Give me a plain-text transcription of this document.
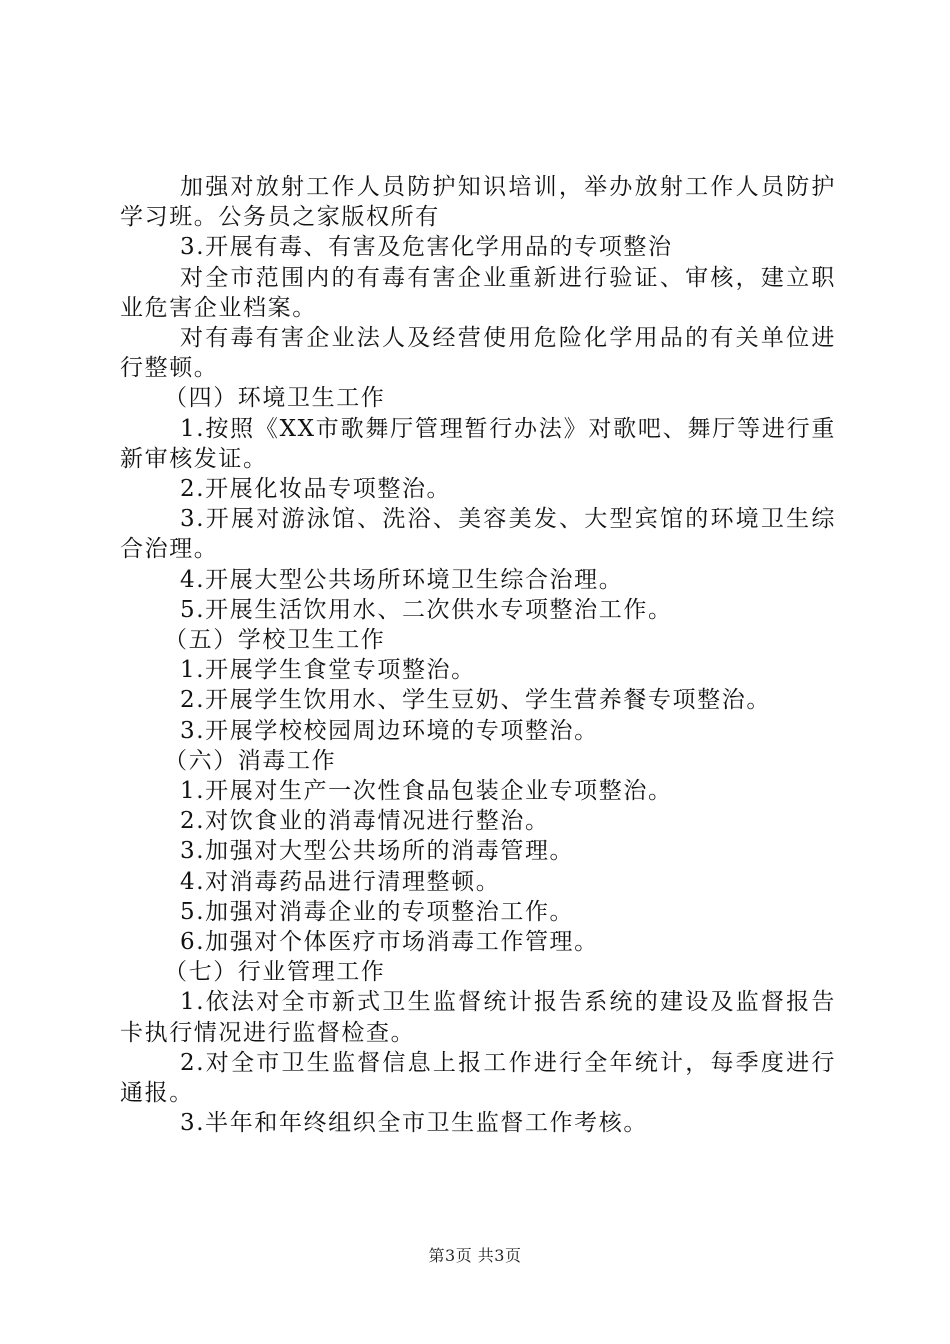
加强对放射工作人员防护知识培训，举办放射工作人员防护学习班。公务员之家版权所有

3.开展有毒、有害及危害化学用品的专项整治

对全市范围内的有毒有害企业重新进行验证、审核，建立职业危害企业档案。

对有毒有害企业法人及经营使用危险化学用品的有关单位进行整顿。

（四）环境卫生工作

1.按照《XX市歌舞厅管理暂行办法》对歌吧、舞厅等进行重新审核发证。

2.开展化妆品专项整治。

3.开展对游泳馆、洗浴、美容美发、大型宾馆的环境卫生综合治理。

4.开展大型公共场所环境卫生综合治理。

5.开展生活饮用水、二次供水专项整治工作。

（五）学校卫生工作

1.开展学生食堂专项整治。

2.开展学生饮用水、学生豆奶、学生营养餐专项整治。

3.开展学校校园周边环境的专项整治。

（六）消毒工作

1.开展对生产一次性食品包装企业专项整治。

2.对饮食业的消毒情况进行整治。

3.加强对大型公共场所的消毒管理。

4.对消毒药品进行清理整顿。

5.加强对消毒企业的专项整治工作。

6.加强对个体医疗市场消毒工作管理。

（七）行业管理工作

1.依法对全市新式卫生监督统计报告系统的建设及监督报告卡执行情况进行监督检查。

2.对全市卫生监督信息上报工作进行全年统计，每季度进行通报。

3.半年和年终组织全市卫生监督工作考核。

第3页 共3页
